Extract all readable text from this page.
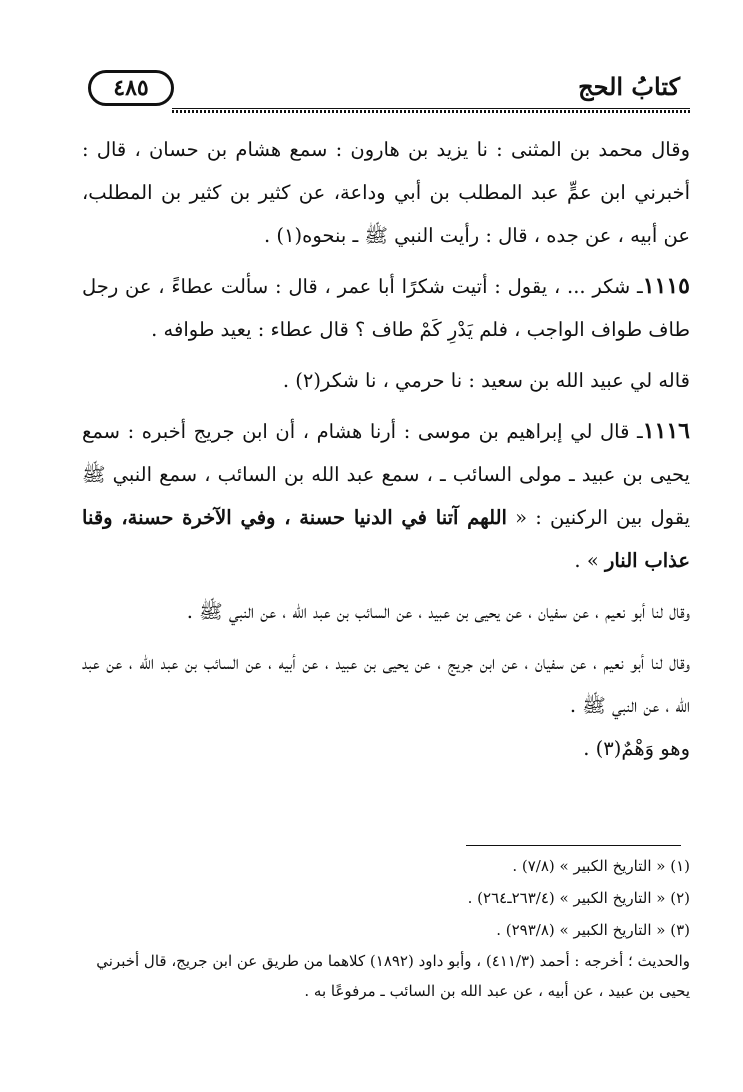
٤٨٥	كتابُ الحج

وقال محمد بن المثنى : نا يزيد بن هارون : سمع هشام بن حسان ، قال : أخبرني ابن عمٍّ عبد المطلب بن أبي وداعة، عن كثير بن كثير بن المطلب، عن أبيه ، عن جده ، قال : رأيت النبي ﷺ ـ بنحوه(١) .

١١١٥ـ شكر ... ، يقول : أتيت شكرًا أبا عمر ، قال : سألت عطاءً ، عن رجل طاف طواف الواجب ، فلم يَدْرِ كَمْ طاف ؟ قال عطاء : يعيد طوافه .

قاله لي عبيد الله بن سعيد : نا حرمي ، نا شكر(٢) .

١١١٦ـ قال لي إبراهيم بن موسى : أرنا هشام ، أن ابن جريج أخبره : سمع يحيى بن عبيد ـ مولى السائب ـ ، سمع عبد الله بن السائب ، سمع النبي ﷺ يقول بين الركنين : « اللهم آتنا في الدنيا حسنة ، وفي الآخرة حسنة، وقنا عذاب النار » .

وقال لنا أبو نعيم ، عن سفيان ، عن يحيى بن عبيد ، عن السائب بن عبد الله ، عن النبي ﷺ .

وقال لنا أبو نعيم ، عن سفيان ، عن ابن جريج ، عن يحيى بن عبيد ، عن أبيه ، عن السائب بن عبد الله ، عن عبد الله ، عن النبي ﷺ .

وهو وَهْمٌ(٣) .

(١) « التاريخ الكبير » (٧/٨) .

(٢) « التاريخ الكبير » (٢٦٣/٤ـ٢٦٤) .

(٣) « التاريخ الكبير » (٢٩٣/٨) .

والحديث ؛ أخرجه : أحمد (٤١١/٣) ، وأبو داود (١٨٩٢) كلاهما من طريق عن ابن جريج، قال أخبرني يحيى بن عبيد ، عن أبيه ، عن عبد الله بن السائب ـ مرفوعًا به .
